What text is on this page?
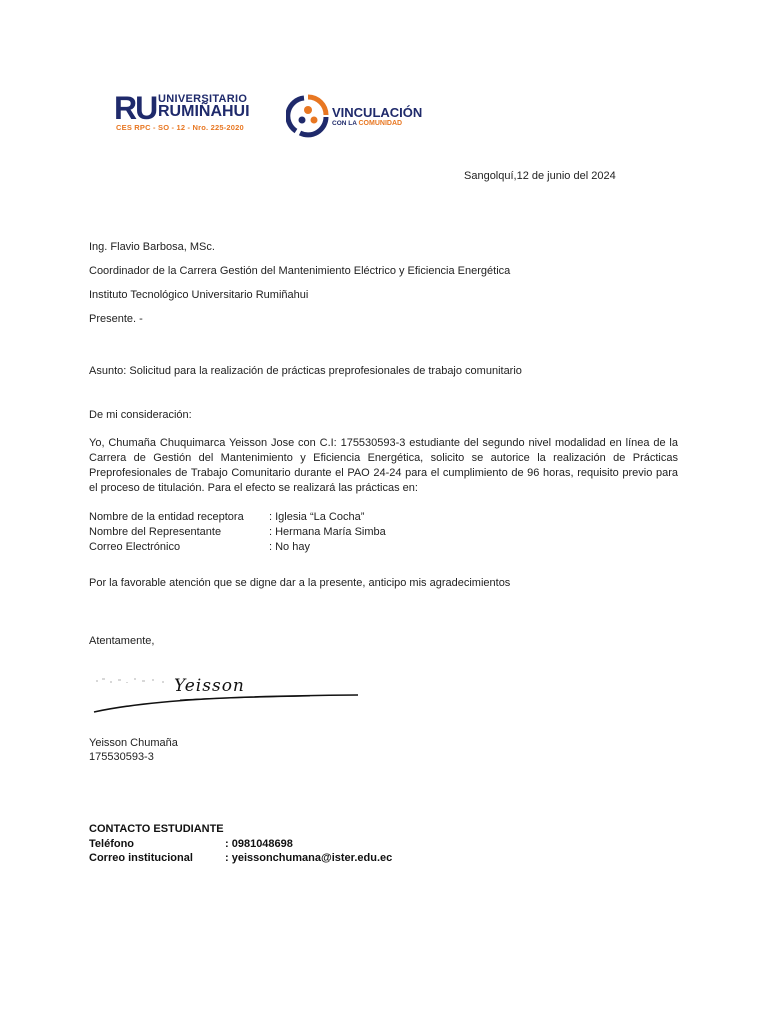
RU UNIVERSITARIO
RUMIÑAHUI
CES RPC - SO - 12 - Nro. 225-2020
VINCULACIÓN
CON LA COMUNIDAD
Sangolquí,12 de junio del 2024
Ing. Flavio Barbosa, MSc.
Coordinador de la Carrera Gestión del Mantenimiento Eléctrico y Eficiencia Energética
Instituto Tecnológico Universitario Rumiñahui
Presente. -
Asunto: Solicitud para la realización de prácticas preprofesionales de trabajo comunitario
De mi consideración:
Yo, Chumaña Chuquimarca Yeisson Jose con C.I: 175530593-3 estudiante del segundo nivel modalidad en línea de la Carrera de Gestión del Mantenimiento y Eficiencia Energética, solicito se autorice la realización de Prácticas Preprofesionales de Trabajo Comunitario durante el PAO 24-24 para el cumplimiento de 96 horas, requisito previo para el proceso de titulación. Para el efecto se realizará las prácticas en:
Nombre de la entidad receptora : Iglesia “La Cocha”
Nombre del Representante	: Hermana María Simba
Correo Electrónico	: No hay
Por la favorable atención que se digne dar a la presente, anticipo mis agradecimientos
Atentamente,
Yeisson
Yeisson Chumaña
175530593-3
CONTACTO ESTUDIANTE
Teléfono	: 0981048698
Correo institucional	: yeissonchumana@ister.edu.ec
